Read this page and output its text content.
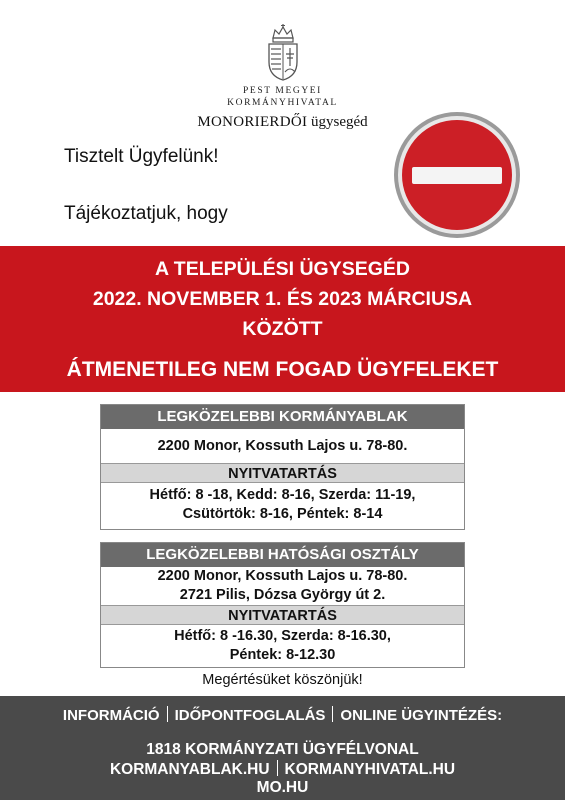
PEST MEGYEI
KORMÁNYHIVATAL
MONORIERDŐI ügysegéd
Tisztelt Ügyfelünk!
Tájékoztatjuk, hogy
A TELEPÜLÉSI ÜGYSEGÉD
2022. NOVEMBER 1. ÉS 2023 MÁRCIUSA
KÖZÖTT
ÁTMENETILEG NEM FOGAD ÜGYFELEKET
LEGKÖZELEBBI KORMÁNYABLAK
2200 Monor, Kossuth Lajos u. 78-80.
NYITVATARTÁS
Hétfő: 8 -18, Kedd: 8-16, Szerda: 11-19,
Csütörtök: 8-16, Péntek: 8-14
LEGKÖZELEBBI HATÓSÁGI OSZTÁLY
2200 Monor, Kossuth Lajos u. 78-80.
2721 Pilis, Dózsa György út 2.
NYITVATARTÁS
Hétfő: 8 -16.30, Szerda: 8-16.30,
Péntek: 8-12.30
Megértésüket köszönjük!
INFORMÁCIÓ IDŐPONTFOGLALÁS ONLINE ÜGYINTÉZÉS:
1818 KORMÁNYZATI ÜGYFÉLVONAL
KORMANYABLAK.HU KORMANYHIVATAL.HU
MO.HU
